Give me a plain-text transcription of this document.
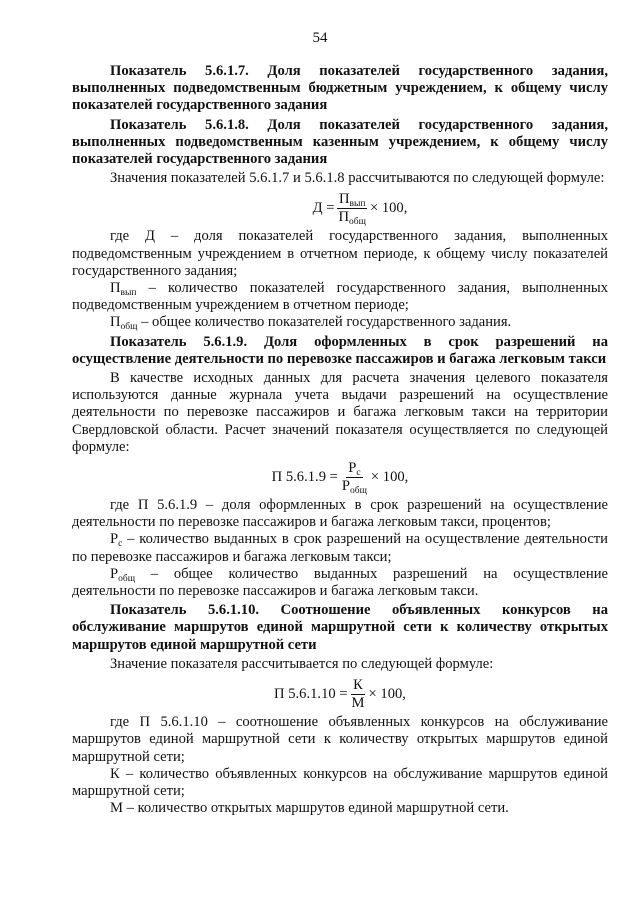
54

Показатель 5.6.1.7. Доля показателей государственного задания, выполненных подведомственным бюджетным учреждением, к общему числу показателей государственного задания

Показатель 5.6.1.8. Доля показателей государственного задания, выполненных подведомственным казенным учреждением, к общему числу показателей государственного задания

Значения показателей 5.6.1.7 и 5.6.1.8 рассчитываются по следующей формуле:

$Д = \frac{П_{вып}}{П_{общ}} \times 100$,

где Д – доля показателей государственного задания, выполненных подведомственным учреждением в отчетном периоде, к общему числу показателей государственного задания;

$П_{вып}$ – количество показателей государственного задания, выполненных подведомственным учреждением в отчетном периоде;

$П_{общ}$ – общее количество показателей государственного задания.

Показатель 5.6.1.9. Доля оформленных в срок разрешений на осуществление деятельности по перевозке пассажиров и багажа легковым такси

В качестве исходных данных для расчета значения целевого показателя используются данные журнала учета выдачи разрешений на осуществление деятельности по перевозке пассажиров и багажа легковым такси на территории Свердловской области. Расчет значений показателя осуществляется по следующей формуле:

П $5.6.1.9 = \frac{Р_с}{Р_{общ}} \times 100$,

где П 5.6.1.9 – доля оформленных в срок разрешений на осуществление деятельности по перевозке пассажиров и багажа легковым такси, процентов;

$Р_с$ – количество выданных в срок разрешений на осуществление деятельности по перевозке пассажиров и багажа легковым такси;

$Р_{общ}$ – общее количество выданных разрешений на осуществление деятельности по перевозке пассажиров и багажа легковым такси.

Показатель 5.6.1.10. Соотношение объявленных конкурсов на обслуживание маршрутов единой маршрутной сети к количеству открытых маршрутов единой маршрутной сети

Значение показателя рассчитывается по следующей формуле:

П $5.6.1.10 = \frac{К}{М} \times 100$,

где П 5.6.1.10 – соотношение объявленных конкурсов на обслуживание маршрутов единой маршрутной сети к количеству открытых маршрутов единой маршрутной сети;

К – количество объявленных конкурсов на обслуживание маршрутов единой маршрутной сети;

М – количество открытых маршрутов единой маршрутной сети.
